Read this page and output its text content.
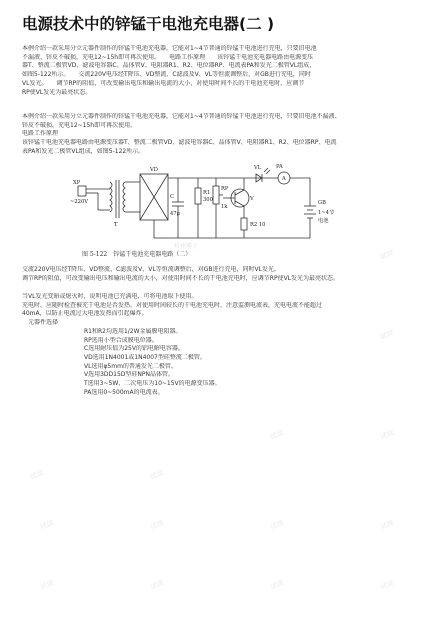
电源技术中的锌锰干电池充电器(二 )
本例介绍一款采用分立元器件制作的锌锰干电池充电器，它能对1~4节普通的锌锰干电池进行充电，只要旧电池
不漏液、锌皮不破损，充电12~15h即可再次使用。　　电路工作原理　　该锌锰干电池充电器电路由电源变压
器T、整流二极管VD、滤波电容器C、晶体管V、电阻器R1、R2、电位器RP、电流表PA和发光二极管VL组成，
如图5-122所示。　　交流220V电压经T降压、VD整流、C滤波及V、VL等恒流调整后，对GB进行充电，同时
VL发光。　　调节RP的阻值，可改变输出电压和输出电流的大小，对使用时间不长的干电池充电时，应调节
RP使VL发光为最亮状态。
本例介绍一款采用分立元器件制作的锌锰干电池充电器，它能对1~4节普通的锌锰干电池进行充电，只要旧电池不漏液、
锌皮不破损，充电12~15h即可再次使用。
电路工作原理
该锌锰干电池充电器电路由电源变压器T、整流二极管VD、滤波电容器C、晶体管V、电阻器R1、R2、电位器RP、电流
表PA和发光二极管VL组成，如图5-122所示。
XP
~220V
T
VD
C
47μ
R1
300
RP
1k
V
R2 10
VL	PA
A
GB
1~4节
电池
杭州博士
图 5-122　锌锰干电池充电器电路（二）
交流220V电压经T降压、VD整流、C滤波及V、VL等恒流调整后，对GB进行充电，同时VL发光。
调节RP的阻值，可改变输出电压和输出电流的大小，对使用时间不长的干电池充电时，应调节RP使VL发光为最亮状态。
当VL发光变暗或熄灭时，说明电池已充满电，可将电池取下使用。
充电时，应随时检查被充干电池是否发热。对使用时间较长的干电池充电时，注意监测电流表，充电电流不能超过
40mA，以防止电流过大电池发热而引起爆炸。
元器件选择
R1和R2均选用1/2W金属膜电阻器。
RP选用小型合成膜电位器。
C选用耐压值为25V的铝电解电容器。
VD选用1N4001或1N4007型硅整流二极管。
VL选用φ5mm的普通发光二极管。
V选用3DD15D型硅NPN晶体管。
T选用3~5W、二次电压为10~15V的电源变压器。
PA选用0~500mA的电流表。
试读	试读	试读	试读
试读	试读	试读	试读
试读	试读
试读
试读
试读	试读
